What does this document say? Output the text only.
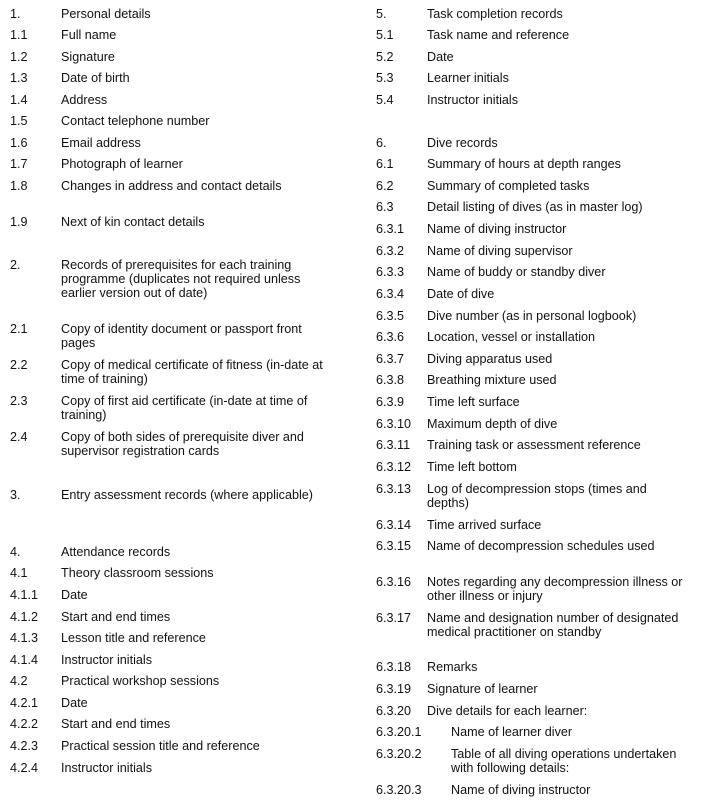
1.	Personal details
1.1	Full name
1.2	Signature
1.3	Date of birth
1.4	Address
1.5	Contact telephone number
1.6	Email address
1.7	Photograph of learner
1.8	Changes in address and contact details
1.9	Next of kin contact details
2.	Records of prerequisites for each training programme (duplicates not required unless earlier version out of date)
2.1	Copy of identity document or passport front pages
2.2	Copy of medical certificate of fitness (in-date at time of training)
2.3	Copy of first aid certificate (in-date at time of training)
2.4	Copy of both sides of prerequisite diver and supervisor registration cards
3.	Entry assessment records (where applicable)
4.	Attendance records
4.1	Theory classroom sessions
4.1.1	Date
4.1.2	Start and end times
4.1.3	Lesson title and reference
4.1.4	Instructor initials
4.2	Practical workshop sessions
4.2.1	Date
4.2.2	Start and end times
4.2.3	Practical session title and reference
4.2.4	Instructor initials
5.	Task completion records
5.1	Task name and reference
5.2	Date
5.3	Learner initials
5.4	Instructor initials
6.	Dive records
6.1	Summary of hours at depth ranges
6.2	Summary of completed tasks
6.3	Detail listing of dives (as in master log)
6.3.1	Name of diving instructor
6.3.2	Name of diving supervisor
6.3.3	Name of buddy or standby diver
6.3.4	Date of dive
6.3.5	Dive number (as in personal logbook)
6.3.6	Location, vessel or installation
6.3.7	Diving apparatus used
6.3.8	Breathing mixture used
6.3.9	Time left surface
6.3.10	Maximum depth of dive
6.3.11	Training task or assessment reference
6.3.12	Time left bottom
6.3.13	Log of decompression stops (times and depths)
6.3.14	Time arrived surface
6.3.15	Name of decompression schedules used
6.3.16	Notes regarding any decompression illness or other illness or injury
6.3.17	Name and designation number of designated medical practitioner on standby
6.3.18	Remarks
6.3.19	Signature of learner
6.3.20	Dive details for each learner:
6.3.20.1	Name of learner diver
6.3.20.2	Table of all diving operations undertaken with following details:
6.3.20.3	Name of diving instructor
